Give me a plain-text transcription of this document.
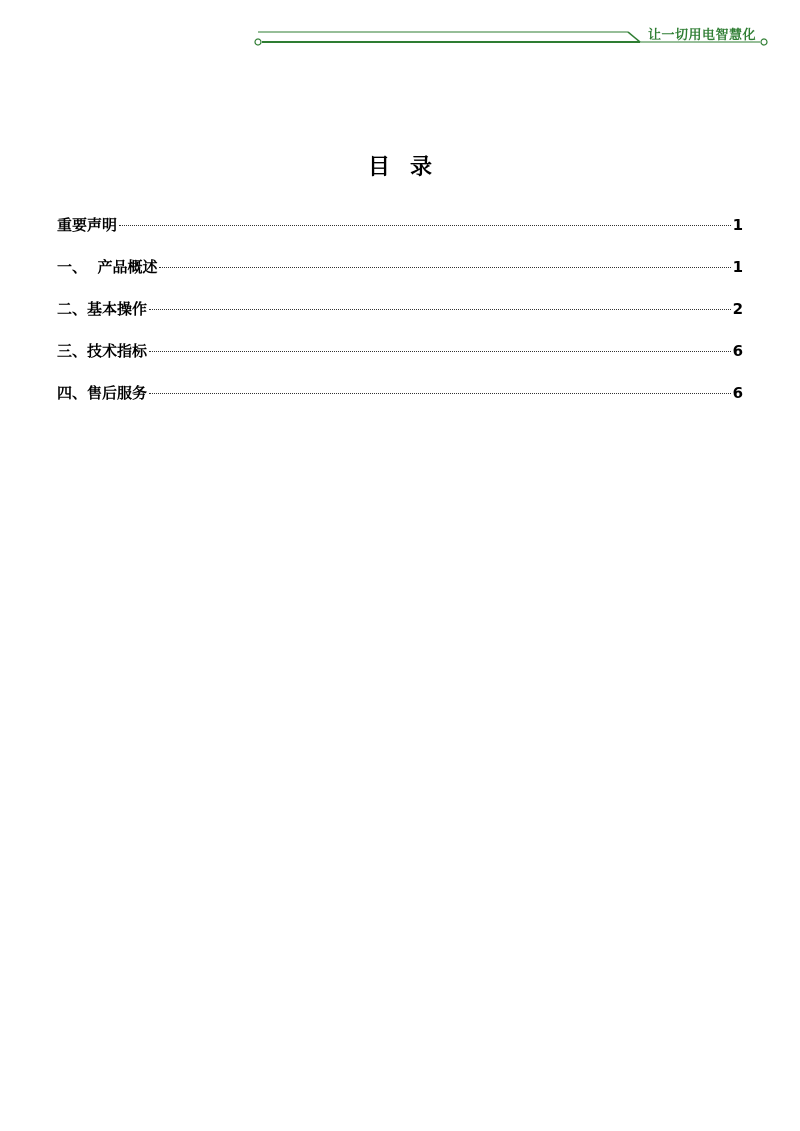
让一切用电智慧化
目录
重要声明	1
一、  产品概述	1
二、基本操作	2
三、技术指标	6
四、售后服务	6
